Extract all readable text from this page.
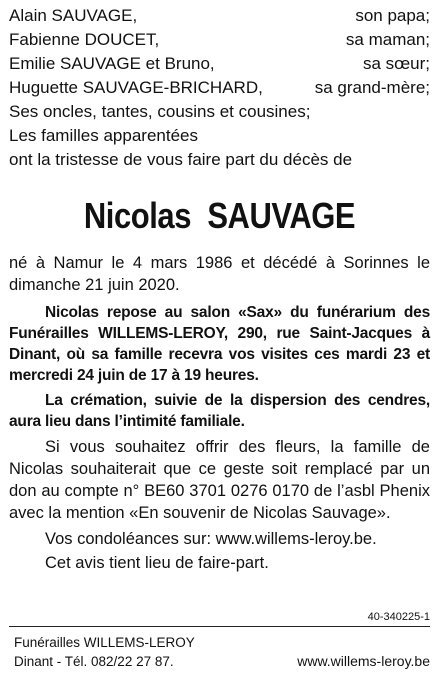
Alain SAUVAGE,	son papa;
Fabienne DOUCET,	sa maman;
Emilie SAUVAGE et Bruno,	sa sœur;
Huguette SAUVAGE-BRICHARD,	sa grand-mère;
Ses oncles, tantes, cousins et cousines;
Les familles apparentées
ont la tristesse de vous faire part du décès de
Nicolas  SAUVAGE

né à Namur le 4 mars 1986 et décédé à Sorinnes le dimanche 21 juin 2020.

Nicolas repose au salon «Sax» du funérarium des Funérailles WILLEMS-LEROY, 290, rue Saint-Jacques à Dinant, où sa famille recevra vos visites ces mardi 23 et mercredi 24 juin de 17 à 19 heures.

La crémation, suivie de la dispersion des cendres, aura lieu dans l’intimité familiale.

Si vous souhaitez offrir des fleurs, la famille de Nicolas souhaiterait que ce geste soit remplacé par un don au compte n° BE60 3701 0276 0170 de l’asbl Phenix avec la mention «En souvenir de Nicolas Sauvage».

Vos condoléances sur: www.willems-leroy.be.

Cet avis tient lieu de faire-part.

40-340225-1
Funérailles WILLEMS-LEROY
Dinant - Tél. 082/22 27 87.	www.willems-leroy.be
